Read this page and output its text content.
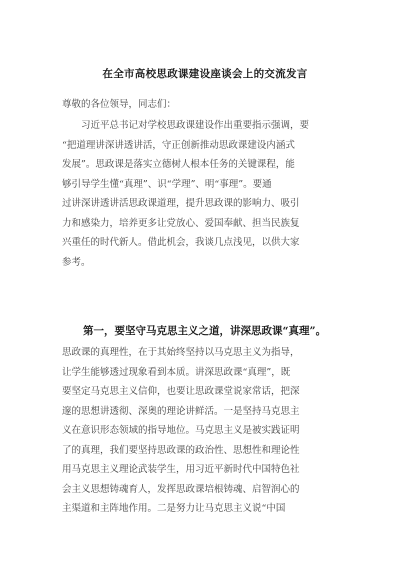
在全市高校思政课建设座谈会上的交流发言
尊敬的各位领导，同志们：
　　习近平总书记对学校思政课建设作出重要指示强调，要
“把道理讲深讲透讲活，守正创新推动思政课建设内涵式
发展”。思政课是落实立德树人根本任务的关键课程，能
够引导学生懂“真理”、识“学理”、明“事理”。要通
过讲深讲透讲活思政课道理，提升思政课的影响力、吸引
力和感染力，培养更多让党放心、爱国奉献、担当民族复
兴重任的时代新人。借此机会，我谈几点浅见，以供大家
参考。
　　第一，要坚守马克思主义之道，讲深思政课“真理”。
思政课的真理性，在于其始终坚持以马克思主义为指导，
让学生能够透过现象看到本质。讲深思政课“真理”，既
要坚定马克思主义信仰，也要让思政课堂说家常话，把深
邃的思想讲透彻、深奥的理论讲鲜活。一是坚持马克思主
义在意识形态领域的指导地位。马克思主义是被实践证明
了的真理，我们要坚持思政课的政治性、思想性和理论性
用马克思主义理论武装学生，用习近平新时代中国特色社
会主义思想铸魂育人，发挥思政课培根铸魂、启智润心的
主渠道和主阵地作用。二是努力让马克思主义说“中国
